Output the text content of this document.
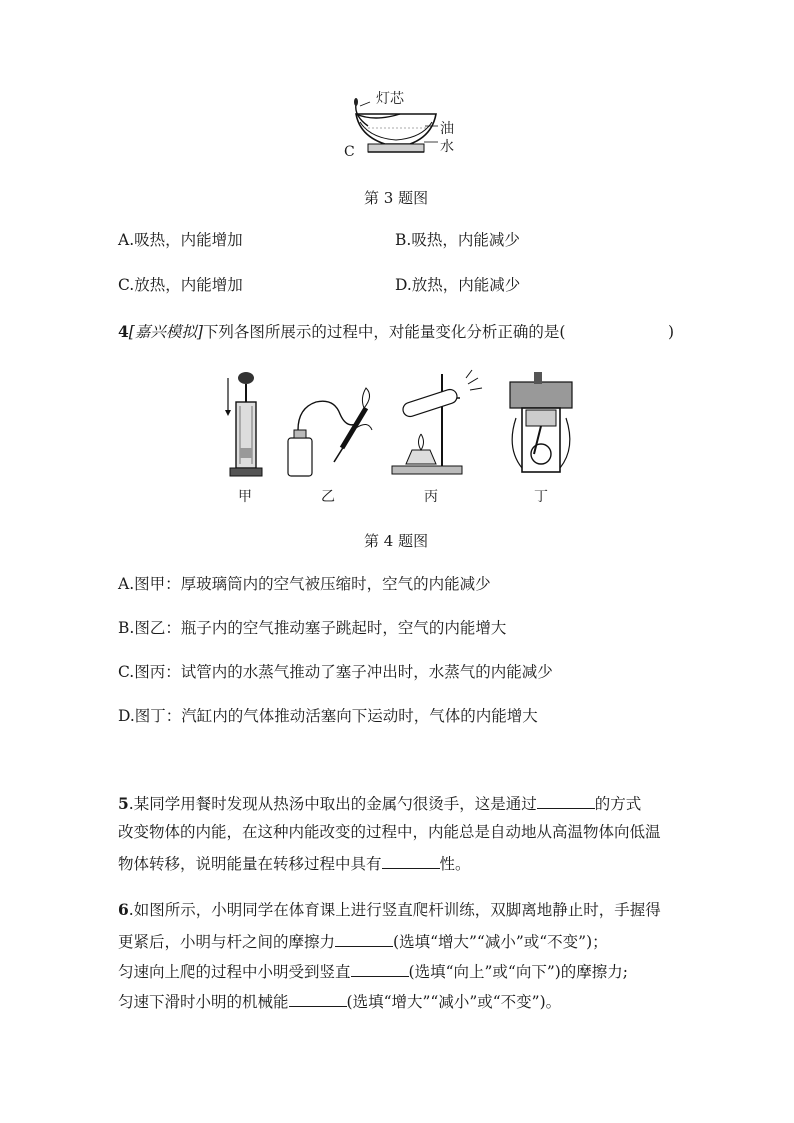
灯芯
油
水
C
第 3 题图
A.吸热，内能增加	B.吸热，内能减少
C.放热，内能增加	D.放热，内能减少
4[嘉兴模拟]下列各图所展示的过程中，对能量变化分析正确的是(	)
甲	乙	丙	丁
第 4 题图
A.图甲：厚玻璃筒内的空气被压缩时，空气的内能减少
B.图乙：瓶子内的空气推动塞子跳起时，空气的内能增大
C.图丙：试管内的水蒸气推动了塞子冲出时，水蒸气的内能减少
D.图丁：汽缸内的气体推动活塞向下运动时，气体的内能增大
5.某同学用餐时发现从热汤中取出的金属勺很烫手，这是通过	的方式
改变物体的内能，在这种内能改变的过程中，内能总是自动地从高温物体向低温
物体转移，说明能量在转移过程中具有	性。
6.如图所示，小明同学在体育课上进行竖直爬杆训练，双脚离地静止时，手握得
更紧后，小明与杆之间的摩擦力	(选填“增大”“减小”或“不变”)；
匀速向上爬的过程中小明受到竖直	(选填“向上”或“向下”)的摩擦力;
匀速下滑时小明的机械能	(选填“增大”“减小”或“不变”)。
